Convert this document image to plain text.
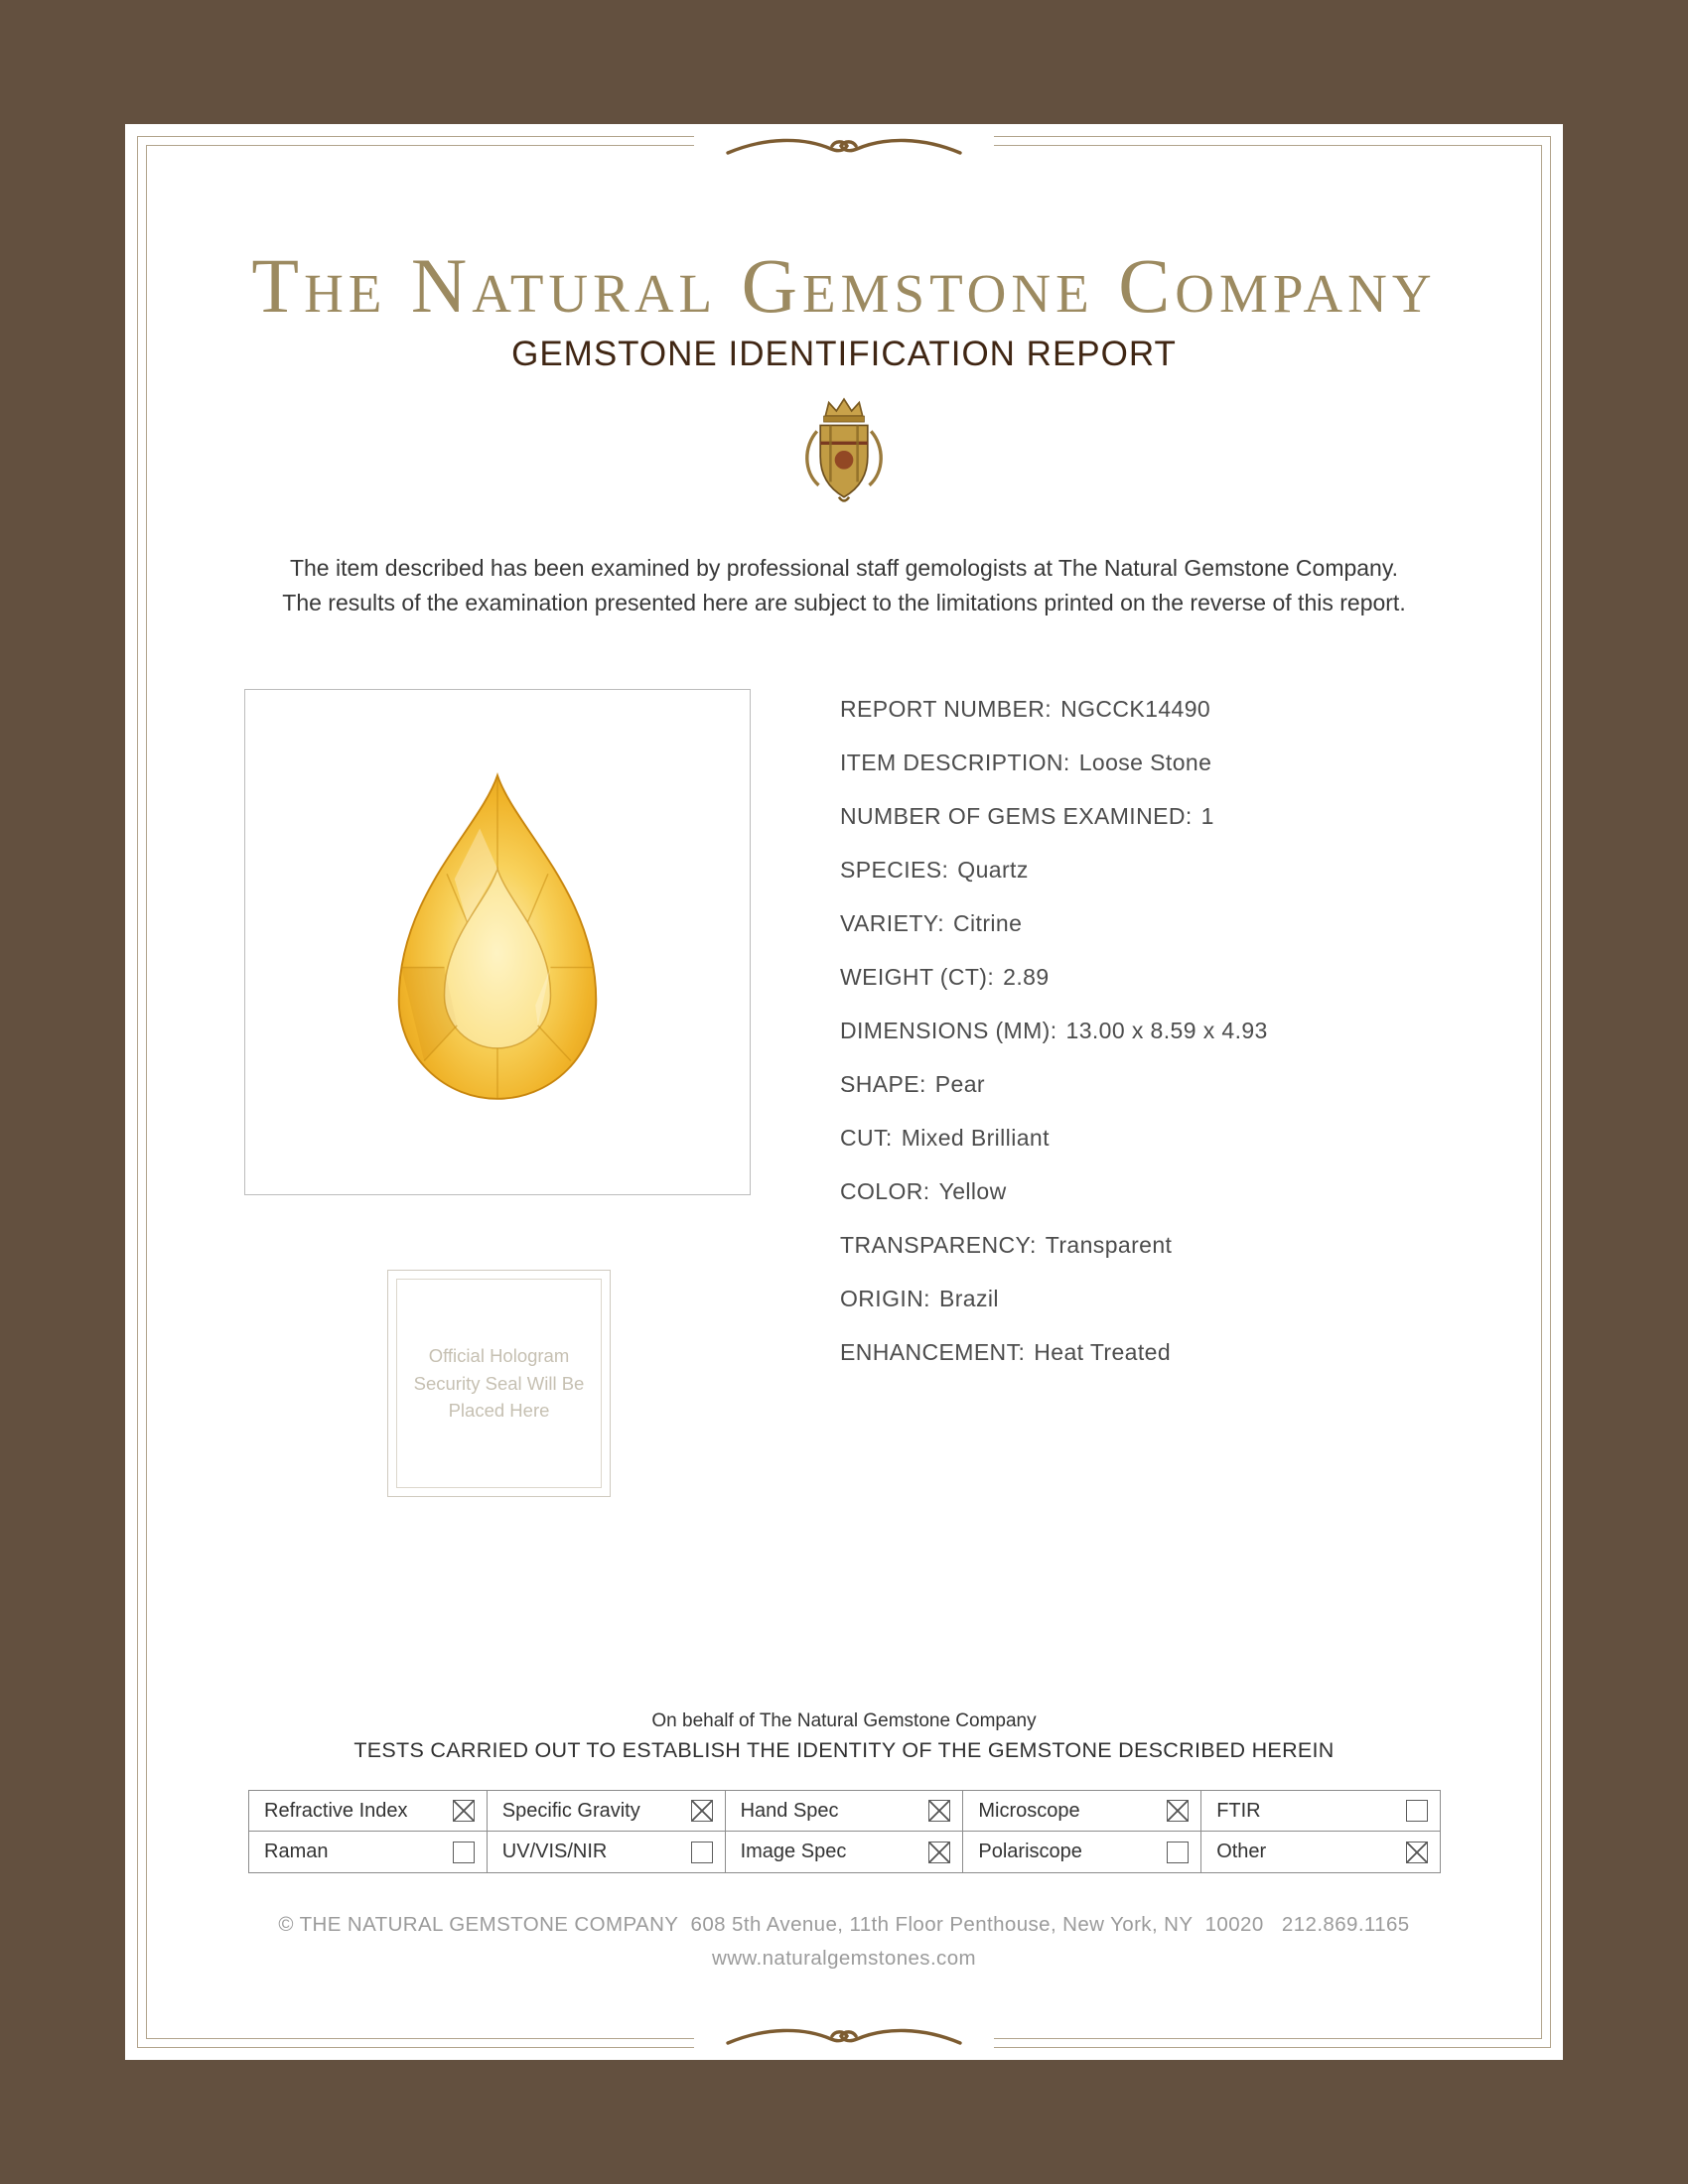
The Natural Gemstone Company
GEMSTONE IDENTIFICATION REPORT

The item described has been examined by professional staff gemologists at The Natural Gemstone Company.
The results of the examination presented here are subject to the limitations printed on the reverse of this report.

REPORT NUMBER: NGCCK14490
ITEM DESCRIPTION: Loose Stone
NUMBER OF GEMS EXAMINED: 1
SPECIES: Quartz
VARIETY: Citrine
WEIGHT (CT): 2.89
DIMENSIONS (MM): 13.00 x 8.59 x 4.93
SHAPE: Pear
CUT: Mixed Brilliant
COLOR: Yellow
TRANSPARENCY: Transparent
ORIGIN: Brazil
ENHANCEMENT: Heat Treated
Official Hologram Security Seal Will Be Placed Here
On behalf of The Natural Gemstone Company
TESTS CARRIED OUT TO ESTABLISH THE IDENTITY OF THE GEMSTONE DESCRIBED HEREIN
Refractive Index	Specific Gravity	Hand Spec	Microscope	FTIR
Raman	UV/VIS/NIR	Image Spec	Polariscope	Other
© THE NATURAL GEMSTONE COMPANY  608 5th Avenue, 11th Floor Penthouse, New York, NY  10020   212.869.1165
www.naturalgemstones.com
